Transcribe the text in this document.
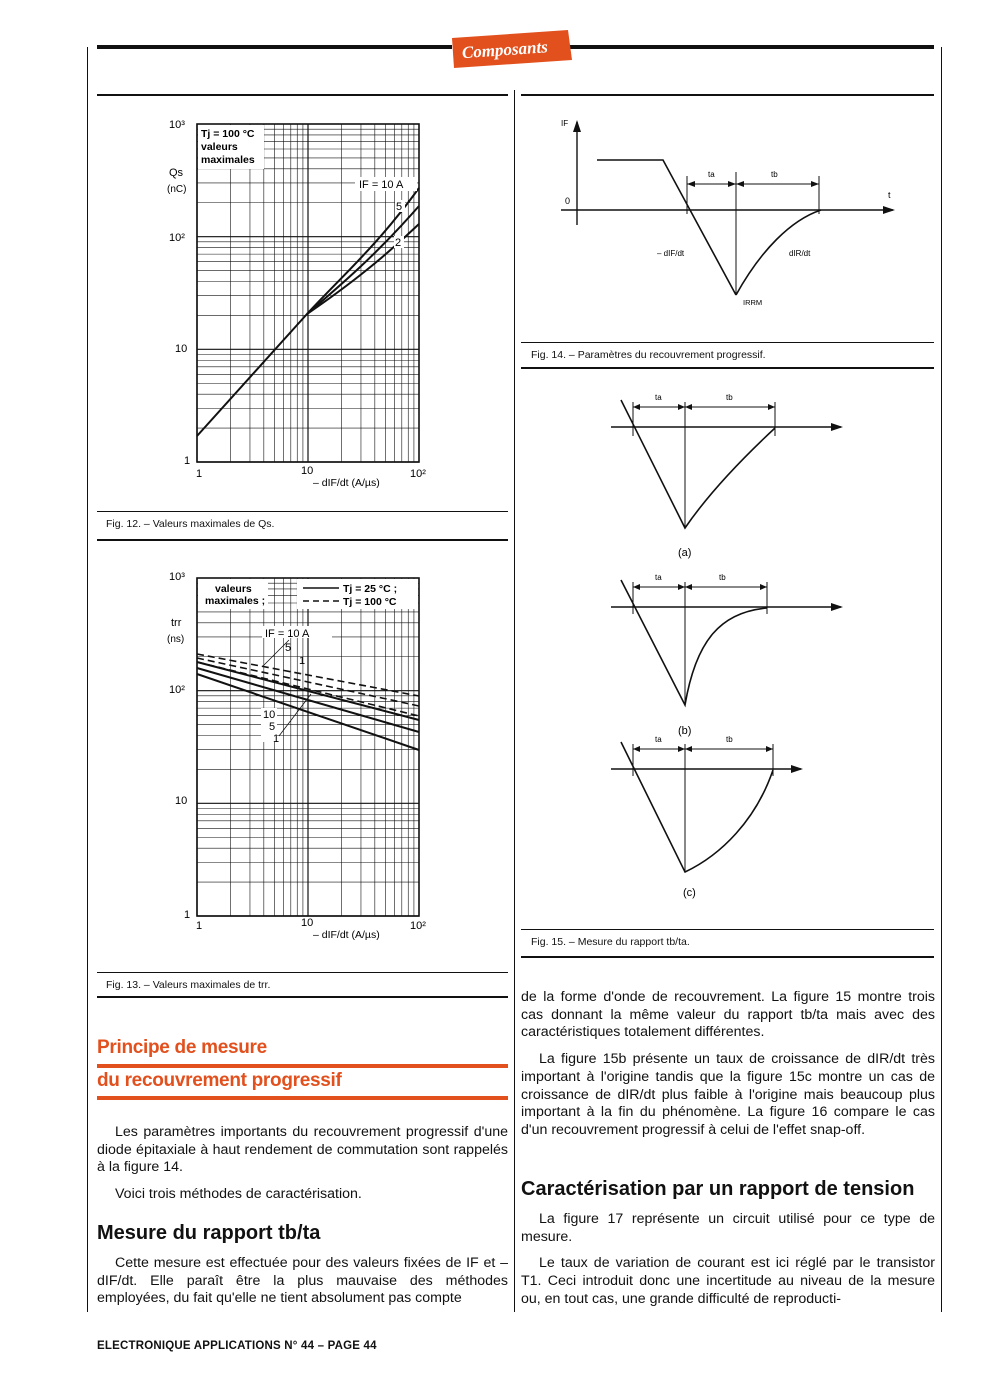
Composants
Tj = 100 °C
valeurs
maximales
10³
10²
10
1
Qs
(nC)
1	10	10²
– dIF/dt (A/µs)
IF = 10 A
5
2
Fig. 12. – Valeurs maximales de Qs.
valeurs
maximales ;
Tj = 25 °C ;
Tj = 100 °C
10³
10²
10
1
trr
(ns)
1	10	10²
– dIF/dt (A/µs)
IF = 10 A
5
1
10
5
1
Fig. 13. – Valeurs maximales de trr.
Principe de mesure
du recouvrement progressif

Les paramètres importants du recouvrement progressif d'une diode épitaxiale à haut rendement de commutation sont rappelés à la figure 14.

Voici trois méthodes de caractérisation.

Mesure du rapport tb/ta

Cette mesure est effectuée pour des valeurs fixées de IF et – dIF/dt. Elle paraît être la plus mauvaise des méthodes employées, du fait qu'elle ne tient absolument pas compte

IF
0
t
ta	tb
– dIF/dt	dIR/dt
IRRM
Fig. 14. – Paramètres du recouvrement progressif.
ta	tb
(a)
ta	tb
(b)
ta	tb
(c)
Fig. 15. – Mesure du rapport tb/ta.

de la forme d'onde de recouvrement. La figure 15 montre trois cas donnant la même valeur du rapport tb/ta mais avec des caractéristiques totalement différentes.

La figure 15b présente un taux de croissance de dIR/dt très important à l'origine tandis que la figure 15c montre un cas de croissance de dIR/dt plus faible à l'origine mais beaucoup plus important à la fin du phénomène. La figure 16 compare le cas d'un recouvrement progressif à celui de l'effet snap-off.

Caractérisation par un rapport de tension

La figure 17 représente un circuit utilisé pour ce type de mesure.

Le taux de variation de courant est ici réglé par le transistor T1. Ceci introduit donc une incertitude au niveau de la mesure ou, en tout cas, une grande difficulté de reproducti-

ELECTRONIQUE APPLICATIONS N° 44 – PAGE 44
